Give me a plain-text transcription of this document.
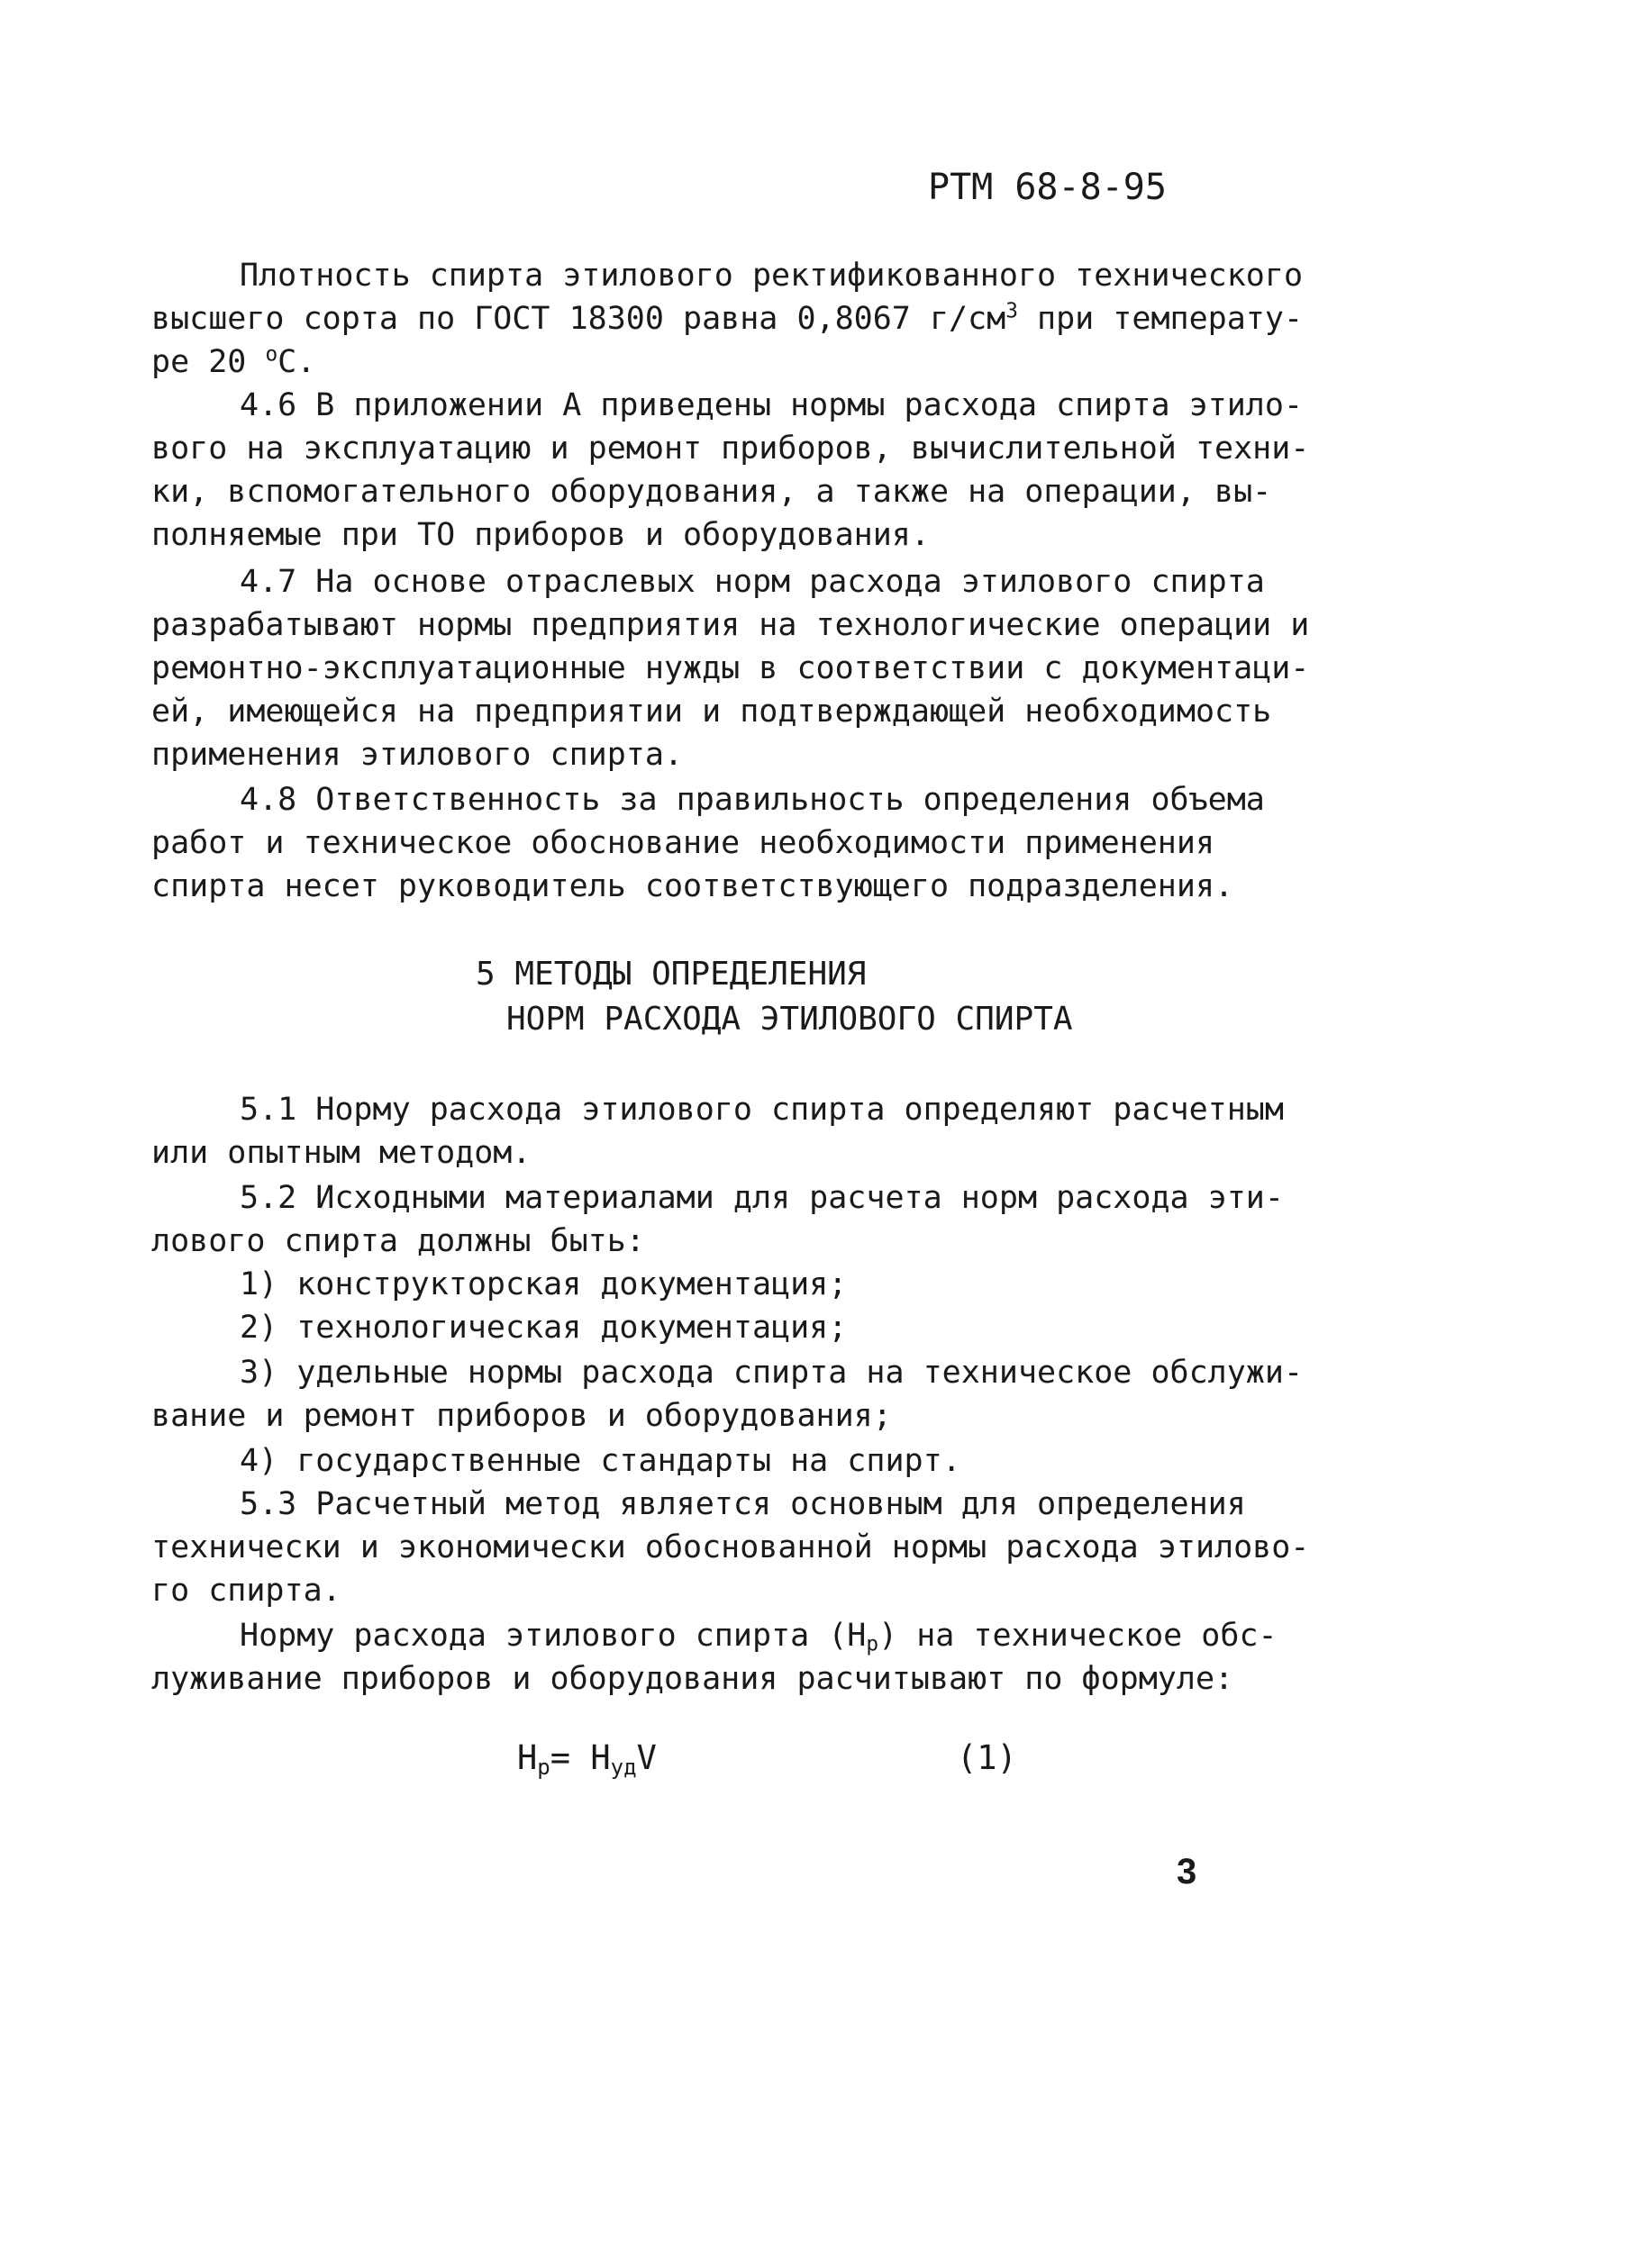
РТМ 68-8-95
Плотность спирта этилового ректификованного технического
высшего сорта по ГОСТ 18300 равна 0,8067 $г/см^3$ при температу-
ре 20 $^о$С.
4.6 В приложении А приведены нормы расхода спирта этило-
вого на эксплуатацию и ремонт приборов, вычислительной техни-
ки, вспомогательного оборудования, а также на операции, вы-
полняемые при ТО приборов и оборудования.
4.7 На основе отраслевых норм расхода этилового спирта
разрабатывают нормы предприятия на технологические операции и
ремонтно-эксплуатационные нужды в соответствии с документаци-
ей, имеющейся на предприятии и подтверждающей необходимость
применения этилового спирта.
4.8 Ответственность за правильность определения объема
работ и техническое обоснование необходимости применения
спирта несет руководитель соответствующего подразделения.
5 МЕТОДЫ ОПРЕДЕЛЕНИЯ
НОРМ РАСХОДА ЭТИЛОВОГО СПИРТА
5.1 Норму расхода этилового спирта определяют расчетным
или опытным методом.
5.2 Исходными материалами для расчета норм расхода эти-
лового спирта должны быть:
1) конструкторская документация;
2) технологическая документация;
3) удельные нормы расхода спирта на техническое обслужи-
вание и ремонт приборов и оборудования;
4) государственные стандарты на спирт.
5.3 Расчетный метод является основным для определения
технически и экономически обоснованной нормы расхода этилово-
го спирта.
Норму расхода этилового спирта $(Н_р)$ на техническое обс-
луживание приборов и оборудования расчитывают по формуле:
$Н_р= Н_{уд}V$	(1)
3
